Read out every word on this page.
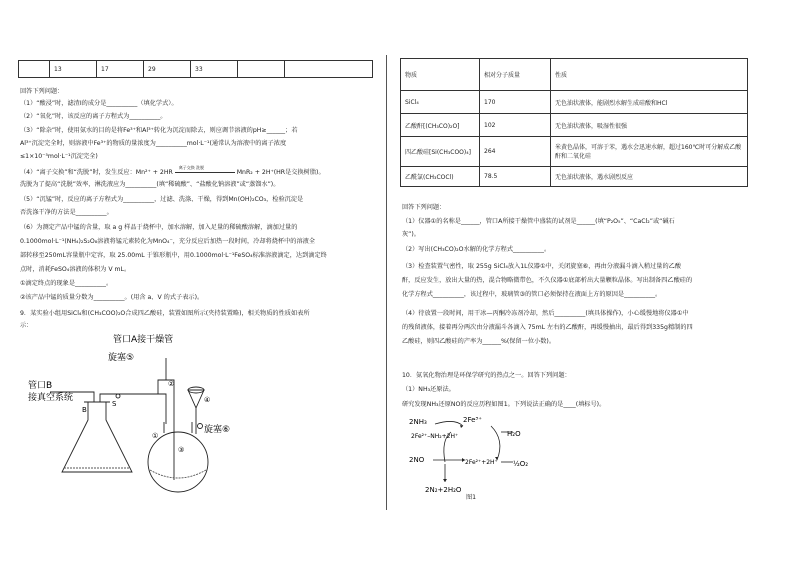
	13	17	29	33		
回答下列问题：
（1）“酸浸”时，滤渣Ⅰ的成分是__________（填化学式）。
（2）“氧化”时，该反应的离子方程式为__________。
（3）“除杂”时，使用氨水的目的是将Fe³⁺和Al³⁺转化为沉淀而除去，则应调节溶液的pH≥______；若
Al³⁺沉淀完全时，则溶液中Fe³⁺的物质的量浓度为__________mol·L⁻¹(通常认为溶液中的离子浓度
≤1×10⁻⁵mol·L⁻¹沉淀完全)
（4）“离子交换”和“洗脱”时，发生反应：Mn²⁺ + 2HR
离子交换 洗脱
MnR₂ + 2H⁺(HR是交换树脂)。
洗脱为了提高“洗脱”效率，淋洗液应为__________(填“稀硫酸”、“盐酸化钠溶液”或“蒸馏水”)。
（5）“沉锰”时，反应的离子方程式为__________，过滤、洗涤、干燥，得到Mn(OH)₂CO₃，检验沉淀是
否洗涤干净的方法是__________。
（6）为测定产品中锰的含量，取 a g 样品于烧杯中，加水溶解，加入足量的稀硫酸溶解，滴加过量的
0.1000mol·L⁻¹(NH₄)₂S₂O₈溶液将锰元素转化为MnO₄⁻，充分反应后加热一段时间，冷却将烧杯中的溶液全
部转移至250mL容量瓶中定容，取 25.00mL 于锥形瓶中，用0.1000mol·L⁻¹FeSO₄标准溶液滴定，达到滴定终
点时，消耗FeSO₄溶液的体积为 V mL。
①滴定终点的现象是__________。
②该产品中锰的质量分数为__________。(用含 a、V 的式子表示)。
9．某实验小组用SiCl₄和(CH₃COO)₂O合成四乙酸硅，装置如图所示(夹持装置略)，相关物质的性质如表所
示：
管口A接干燥管
旋塞⑤
管口B
接真空系统
B
S
旋塞⑥
①
②
③
④
物质	相对分子质量	性质
SiCl₄	170	无色油状液体，能剧烈水解生成硅酸和HCl
乙酸酐[(CH₃CO)₂O]	102	无色油状液体，吸湿性很强
四乙酸硅[Si(CH₃COO)₄]	264	米黄色晶体，可溶于苯，遇水会迅速水解，超过160℃时可分解成乙酸酐和二氧化硅
乙酰氯(CH₃COCl)	78.5	无色油状液体，遇水剧烈反应
回答下列问题：
（1）仪器①的名称是______，管口A所接干燥管中盛装的试剂是______(填“P₂O₅”、“CaCl₂”或“碱石
灰”)。
（2）写出(CH₃CO)₂O水解的化学方程式__________。
（3）检查装置气密性，取 255g SiCl₄放入1L仪器①中，关闭旋塞⑥，再由分液漏斗滴入稍过量的乙酸
酐，反应发生，放出大量的热，混合物略微带色，不久仪器①底部析出大量颗粒晶体。写出制备四乙酸硅的
化学方程式__________，该过程中，玻璃管③的管口必须保持在液面上方的原因是__________。
（4）待放置一段时间，用干冰—丙酮冷冻剂冷却，然后__________(填具体操作)，小心缓慢地将仪器①中
的残留液体，接着再分两次由分液漏斗各滴入 75mL 左右的乙酸酐，再缓慢抽出，最后得到335g精制的四
乙酸硅，则四乙酸硅的产率为______%(保留一位小数)。
10．氨氧化物治理是环保学研究的热点之一。回答下列问题：
（1）NH₃还原法。
研究发现NH₃还原NO的反应历程如图1。下列说法正确的是____(填标号)。
2NH₃	2Fe³⁺
2Fe²⁺–NH₂+2H⁺	H₂O
2NO	2Fe²⁺+2H⁺ ½O₂
2N₂+2H₂O
图1
